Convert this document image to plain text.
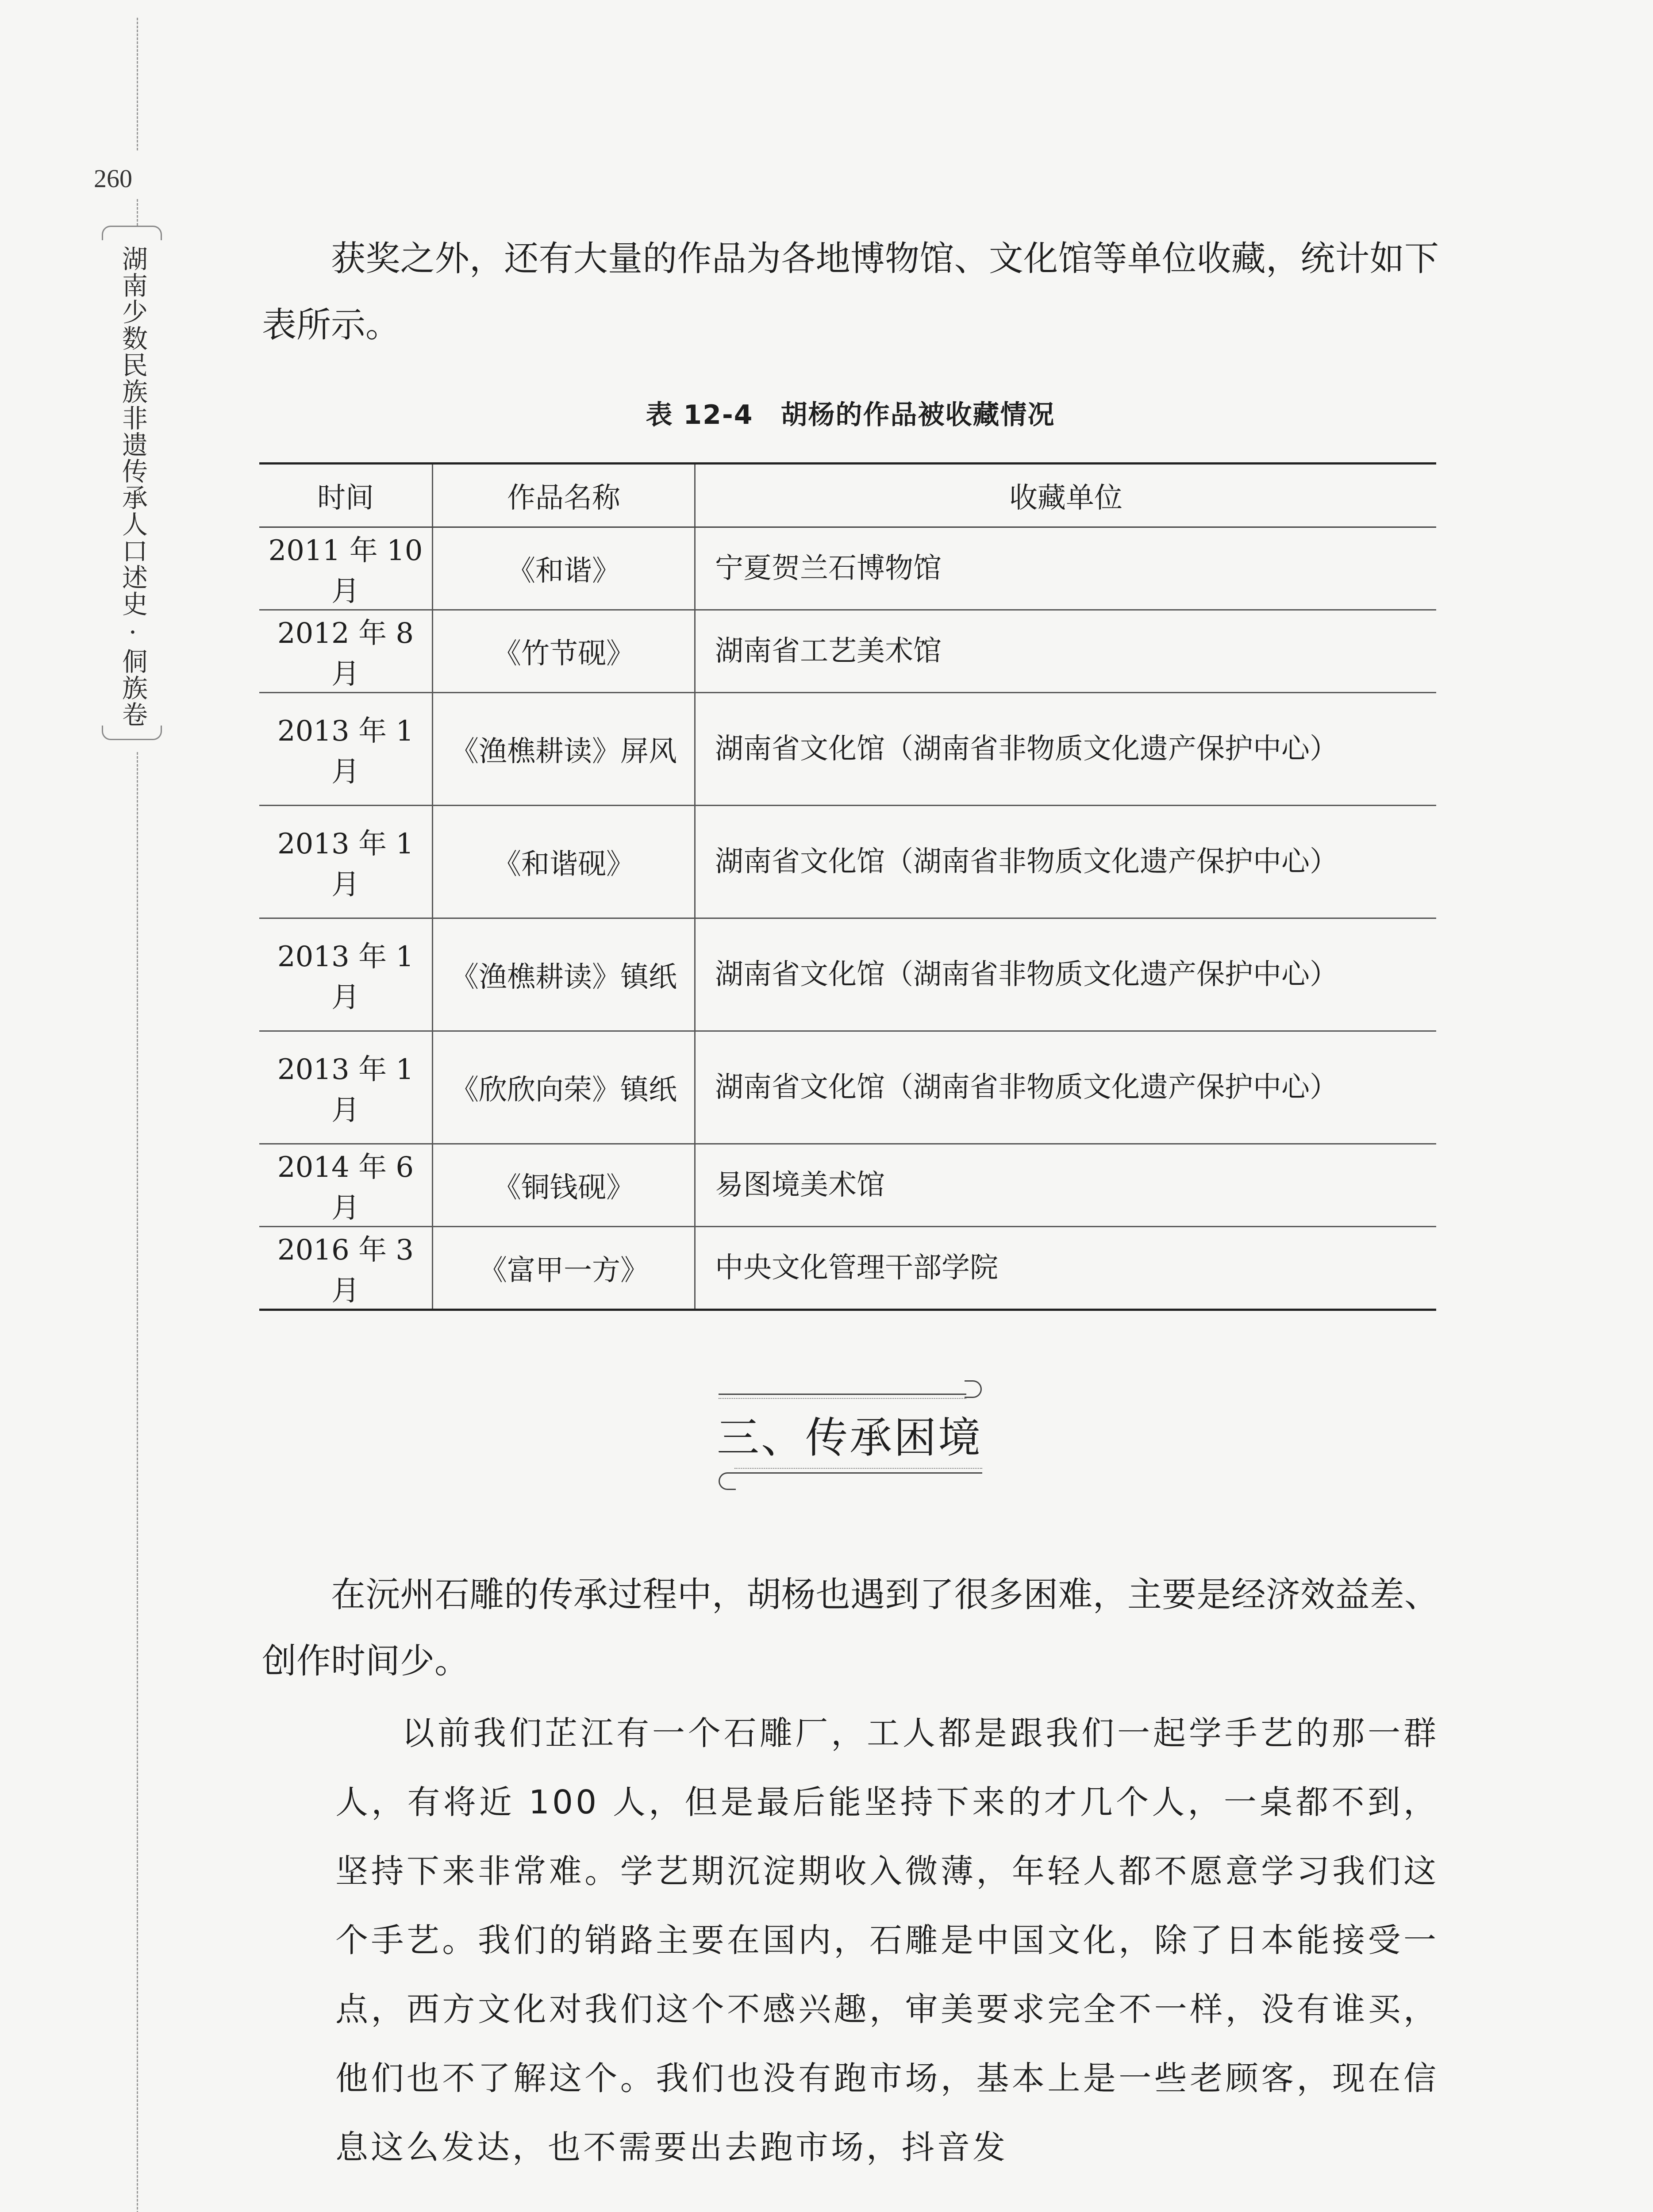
260
湖南少数民族非遗传承人口述史·侗族卷	获奖之外，还有大量的作品为各地博物馆、文化馆等单位收藏，统计如下表所示。
表 12-4　胡杨的作品被收藏情况
时间	作品名称	收藏单位
2011 年 10 月	《和谐》	宁夏贺兰石博物馆
2012 年 8 月	《竹节砚》	湖南省工艺美术馆
2013 年 1 月	《渔樵耕读》屏风	湖南省文化馆（湖南省非物质文化遗产保护中心）
2013 年 1 月	《和谐砚》	湖南省文化馆（湖南省非物质文化遗产保护中心）
2013 年 1 月	《渔樵耕读》镇纸	湖南省文化馆（湖南省非物质文化遗产保护中心）
2013 年 1 月	《欣欣向荣》镇纸	湖南省文化馆（湖南省非物质文化遗产保护中心）
2014 年 6 月	《铜钱砚》	易图境美术馆
2016 年 3 月	《富甲一方》	中央文化管理干部学院
三、传承困境
在沅州石雕的传承过程中，胡杨也遇到了很多困难，主要是经济效益差、创作时间少。
以前我们芷江有一个石雕厂，工人都是跟我们一起学手艺的那一群人，有将近 100 人，但是最后能坚持下来的才几个人，一桌都不到，坚持下来非常难。学艺期沉淀期收入微薄，年轻人都不愿意学习我们这个手艺。我们的销路主要在国内，石雕是中国文化，除了日本能接受一点，西方文化对我们这个不感兴趣，审美要求完全不一样，没有谁买，他们也不了解这个。我们也没有跑市场，基本上是一些老顾客，现在信息这么发达，也不需要出去跑市场，抖音发
